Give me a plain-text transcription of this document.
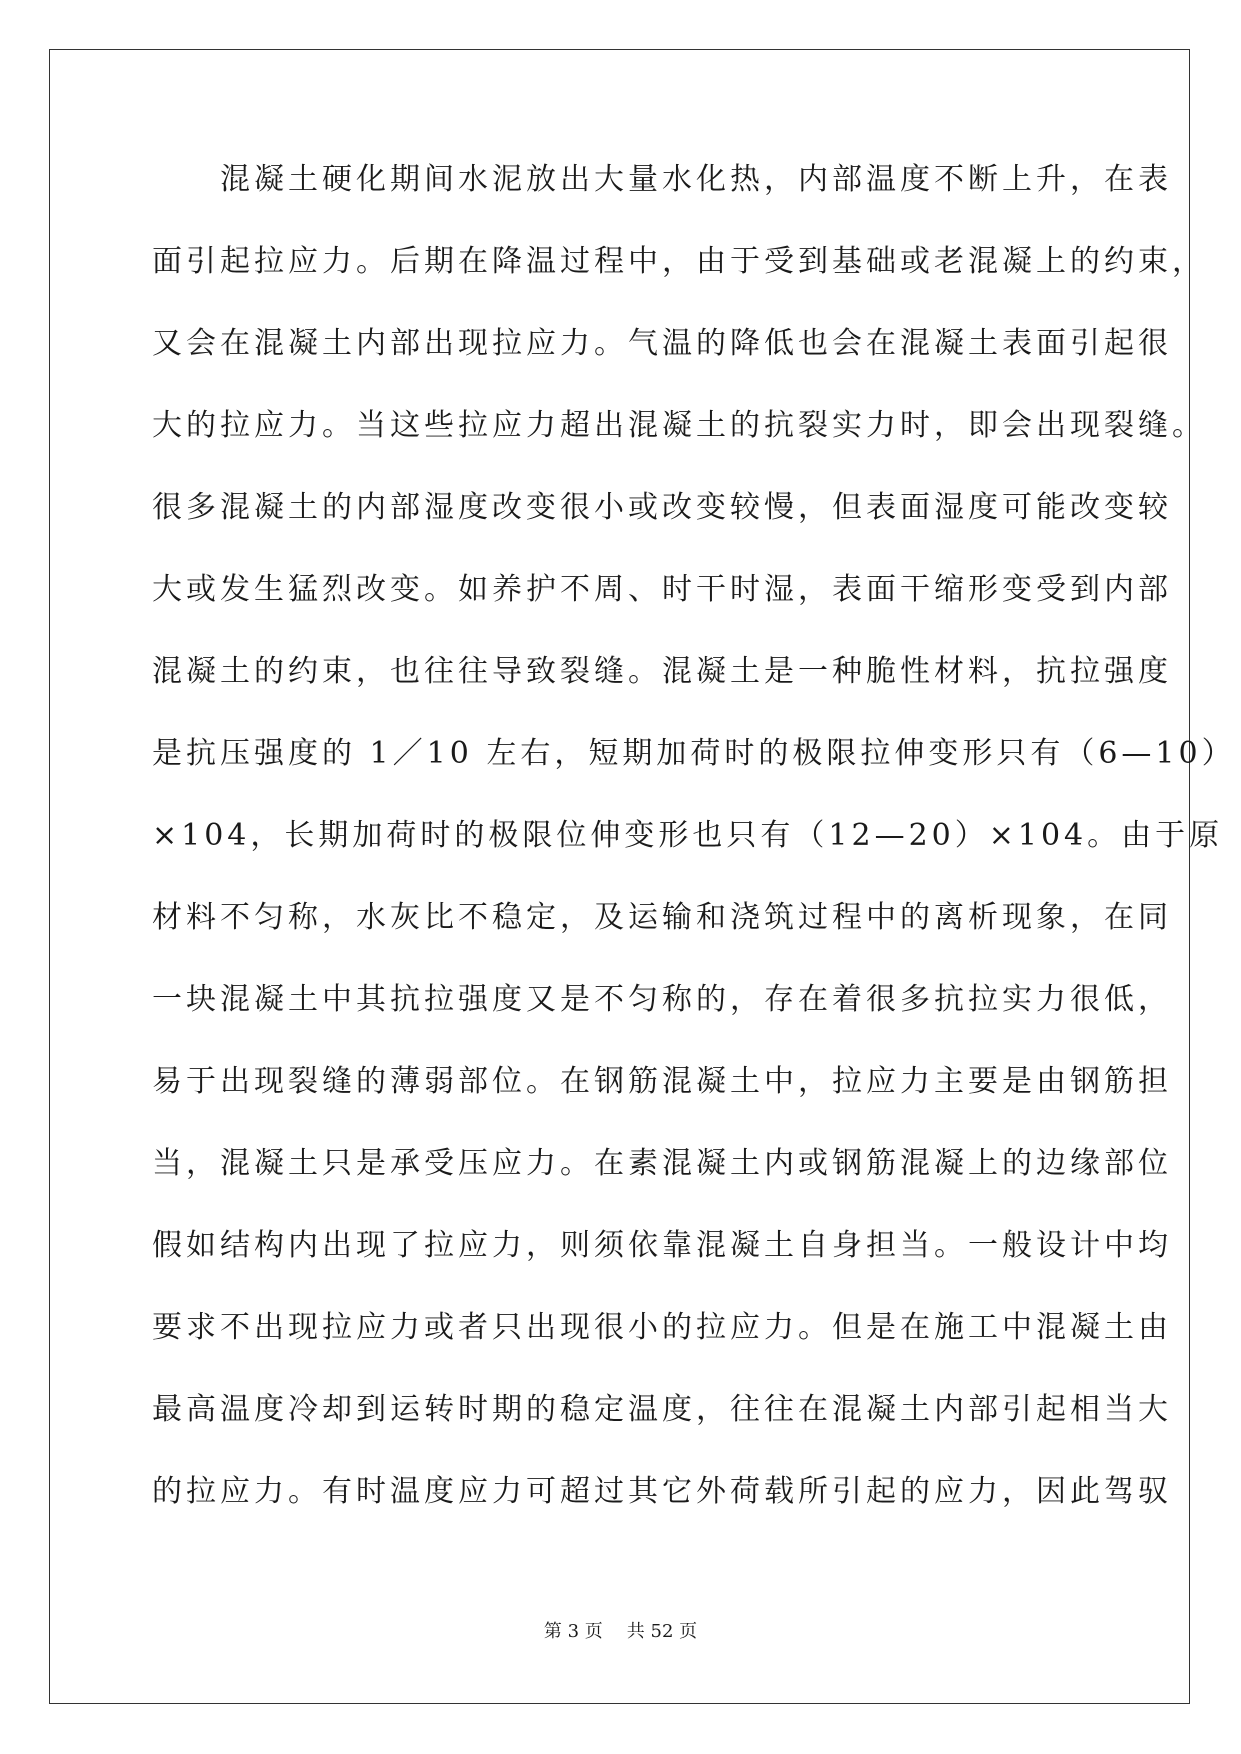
　　混凝土硬化期间水泥放出大量水化热，内部温度不断上升，在表
面引起拉应力。后期在降温过程中，由于受到基础或老混凝上的约束，
又会在混凝土内部出现拉应力。气温的降低也会在混凝土表面引起很
大的拉应力。当这些拉应力超出混凝土的抗裂实力时，即会出现裂缝。
很多混凝土的内部湿度改变很小或改变较慢，但表面湿度可能改变较
大或发生猛烈改变。如养护不周、时干时湿，表面干缩形变受到内部
混凝土的约束，也往往导致裂缝。混凝土是一种脆性材料，抗拉强度
是抗压强度的 1／10 左右，短期加荷时的极限拉伸变形只有（6—10）
×104，长期加荷时的极限位伸变形也只有（12—20）×104。由于原
材料不匀称，水灰比不稳定，及运输和浇筑过程中的离析现象，在同
一块混凝土中其抗拉强度又是不匀称的，存在着很多抗拉实力很低，
易于出现裂缝的薄弱部位。在钢筋混凝土中，拉应力主要是由钢筋担
当，混凝土只是承受压应力。在素混凝土内或钢筋混凝上的边缘部位
假如结构内出现了拉应力，则须依靠混凝土自身担当。一般设计中均
要求不出现拉应力或者只出现很小的拉应力。但是在施工中混凝土由
最高温度冷却到运转时期的稳定温度，往往在混凝土内部引起相当大
的拉应力。有时温度应力可超过其它外荷载所引起的应力，因此驾驭
第 3 页 共 52 页
